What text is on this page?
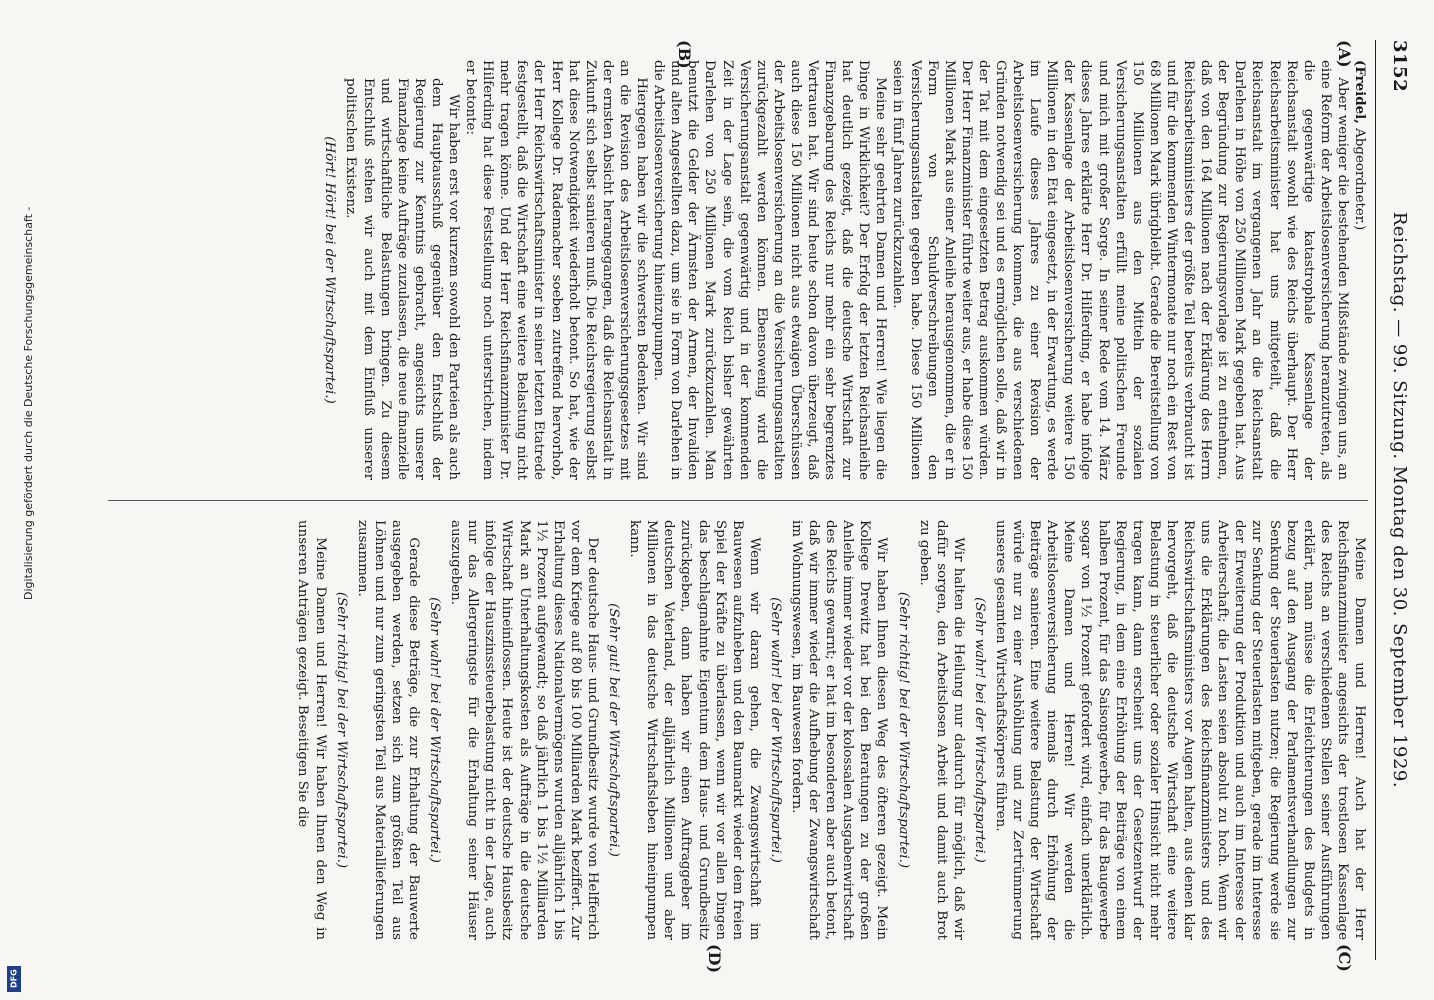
3152
Reichstag. — 99. Sitzung. Montag den 30. September 1929.
(A)
(B)
(C)
(D)

(Freidel, Abgeordneter.)

Aber weniger die bestehenden Mißstände zwingen uns, an eine Reform der Arbeitslosenversicherung heranzutreten, als die gegenwärtige katastrophale Kassenlage der Reichsanstalt sowohl wie des Reichs überhaupt. Der Herr Reichsarbeitsminister hat uns mitgeteilt, daß die Reichsanstalt im vergangenen Jahr an die Reichsanstalt Darlehen in Höhe von 250 Millionen Mark gegeben hat. Aus der Begründung zur Regierungsvorlage ist zu entnehmen, daß von den 164 Millionen nach der Erklärung des Herrn Reichsarbeitsministers der größte Teil bereits verbraucht ist und für die kommenden Wintermonate nur noch ein Rest von 68 Millionen Mark übrigbleibt. Gerade die Bereitstellung von 150 Millionen aus den Mitteln der sozialen Versicherungsanstalten erfüllt meine politischen Freunde und mich mit großer Sorge. In seiner Rede vom 14. März dieses Jahres erklärte Herr Dr. Hilferding, er habe infolge der Kassenlage der Arbeitslosenversicherung weitere 150 Millionen in den Etat eingesetzt, in der Erwartung, es werde im Laufe dieses Jahres zu einer Revision der Arbeitslosenversicherung kommen, die aus verschiedenen Gründen notwendig sei und es ermöglichen solle, daß wir in der Tat mit dem eingesetzten Betrag auskommen würden. Der Herr Finanzminister führte weiter aus, er habe diese 150 Millionen Mark aus einer Anleihe herausgenommen, die er in Form von Schuldverschreibungen den Versicherungsanstalten gegeben habe. Diese 150 Millionen seien in fünf Jahren zurückzuzahlen.

Meine sehr geehrten Damen und Herren! Wie liegen die Dinge in Wirklichkeit? Der Erfolg der letzten Reichsanleihe hat deutlich gezeigt, daß die deutsche Wirtschaft zur Finanzgebarung des Reichs nur mehr ein sehr begrenztes Vertrauen hat. Wir sind heute schon davon überzeugt, daß auch diese 150 Millionen nicht aus etwaigen Überschüssen der Arbeitslosenversicherung an die Versicherungsanstalten zurückgezahlt werden können. Ebensowenig wird die Versicherungsanstalt gegenwärtig und in der kommenden Zeit in der Lage sein, die vom Reich bisher gewährten Darlehen von 250 Millionen Mark zurückzuzahlen. Man benutzt die Gelder der Ärmsten der Armen, der Invaliden und alten Angestellten dazu, um sie in Form von Darlehen in die Arbeitslosenversicherung hineinzupumpen.

Hiergegen haben wir die schwersten Bedenken. Wir sind an die Revision des Arbeitslosenversicherungsgesetzes mit der ernsten Absicht herangegangen, daß die Reichsanstalt in Zukunft sich selbst sanieren muß. Die Reichsregierung selbst hat diese Notwendigkeit wiederholt betont. So hat, wie der Herr Kollege Dr. Rademacher soeben zutreffend hervorhob, der Herr Reichswirtschaftsminister in seiner letzten Etatrede festgestellt, daß die Wirtschaft eine weitere Belastung nicht mehr tragen könne. Und der Herr Reichsfinanzminister Dr. Hilferding hat diese Feststellung noch unterstrichen, indem er betonte:

Wir haben erst vor kurzem sowohl den Parteien als auch dem Hauptausschuß gegenüber den Entschluß der Regierung zur Kenntnis gebracht, angesichts unserer Finanzlage keine Aufträge zuzulassen, die neue finanzielle und wirtschaftliche Belastungen bringen. Zu diesem Entschluß stehen wir auch mit dem Einfluß unserer politischen Existenz.

(Hört! Hört! bei der Wirtschaftspartei.)

Meine Damen und Herren! Auch hat der Herr Reichsfinanzminister angesichts der trostlosen Kassenlage des Reichs an verschiedenen Stellen seiner Ausführungen erklärt, man müsse die Erleichterungen des Budgets in bezug auf den Ausgang der Parlamentsverhandlungen zur Senkung der Steuerlasten nutzen; die Regierung werde sie zur Senkung der Steuerlasten mitgeben, gerade im Interesse der Erweiterung der Produktion und auch im Interesse der Arbeiterschaft; die Lasten seien absolut zu hoch. Wenn wir uns die Erklärungen des Reichsfinanzministers und des Reichswirtschaftsministers vor Augen halten, aus denen klar hervorgeht, daß die deutsche Wirtschaft eine weitere Belastung in steuerlicher oder sozialer Hinsicht nicht mehr tragen kann, dann erscheint uns der Gesetzentwurf der Regierung, in dem eine Erhöhung der Beiträge von einem halben Prozent, für das Saisongewerbe, für das Baugewerbe sogar von 1½ Prozent gefordert wird, einfach unerklärlich. Meine Damen und Herren! Wir werden die Arbeitslosenversicherung niemals durch Erhöhung der Beiträge sanieren. Eine weitere Belastung der Wirtschaft würde nur zu einer Aushöhlung und zur Zertrümmerung unseres gesamten Wirtschaftskörpers führen.

(Sehr wahr! bei der Wirtschaftspartei.)

Wir halten die Heilung nur dadurch für möglich, daß wir dafür sorgen, den Arbeitslosen Arbeit und damit auch Brot zu geben.

(Sehr richtig! bei der Wirtschaftspartei.)

Wir haben Ihnen diesen Weg des öfteren gezeigt. Mein Kollege Drewitz hat bei den Beratungen zu der großen Anleihe immer wieder vor der kolossalen Ausgabenwirtschaft des Reichs gewarnt; er hat im besonderen aber auch betont, daß wir immer wieder die Aufhebung der Zwangswirtschaft im Wohnungswesen, im Bauwesen fordern.

(Sehr wahr! bei der Wirtschaftspartei.)

Wenn wir daran gehen, die Zwangswirtschaft im Bauwesen aufzuheben und den Baumarkt wieder dem freien Spiel der Kräfte zu überlassen, wenn wir vor allen Dingen das beschlagnahmte Eigentum dem Haus- und Grundbesitz zurückgeben, dann haben wir einen Auftraggeber im deutschen Vaterland, der alljährlich Millionen und aber Millionen in das deutsche Wirtschaftsleben hineinpumpen kann.

(Sehr gut! bei der Wirtschaftspartei.)

Der deutsche Haus- und Grundbesitz wurde von Helfferich vor dem Kriege auf 80 bis 100 Milliarden Mark beziffert. Zur Erhaltung dieses Nationalvermögens wurden alljährlich 1 bis 1½ Prozent aufgewandt; so daß jährlich 1 bis 1½ Milliarden Mark an Unterhaltungskosten als Aufträge in die deutsche Wirtschaft hineinflossen. Heute ist der deutsche Hausbesitz infolge der Hauszinssteuerbelastung nicht in der Lage, auch nur das Allergeringste für die Erhaltung seiner Häuser auszugeben.

(Sehr wahr! bei der Wirtschaftspartei.)

Gerade diese Beträge, die zur Erhaltung der Bauwerte ausgegeben werden, setzen sich zum größten Teil aus Löhnen und nur zum geringsten Teil aus Materiallieferungen zusammen.

(Sehr richtig! bei der Wirtschaftspartei.)

Meine Damen und Herren! Wir haben Ihnen den Weg in unseren Anträgen gezeigt. Beseitigen Sie die

Digitalisierung gefördert durch die Deutsche Forschungsgemeinschaft -
DFG
